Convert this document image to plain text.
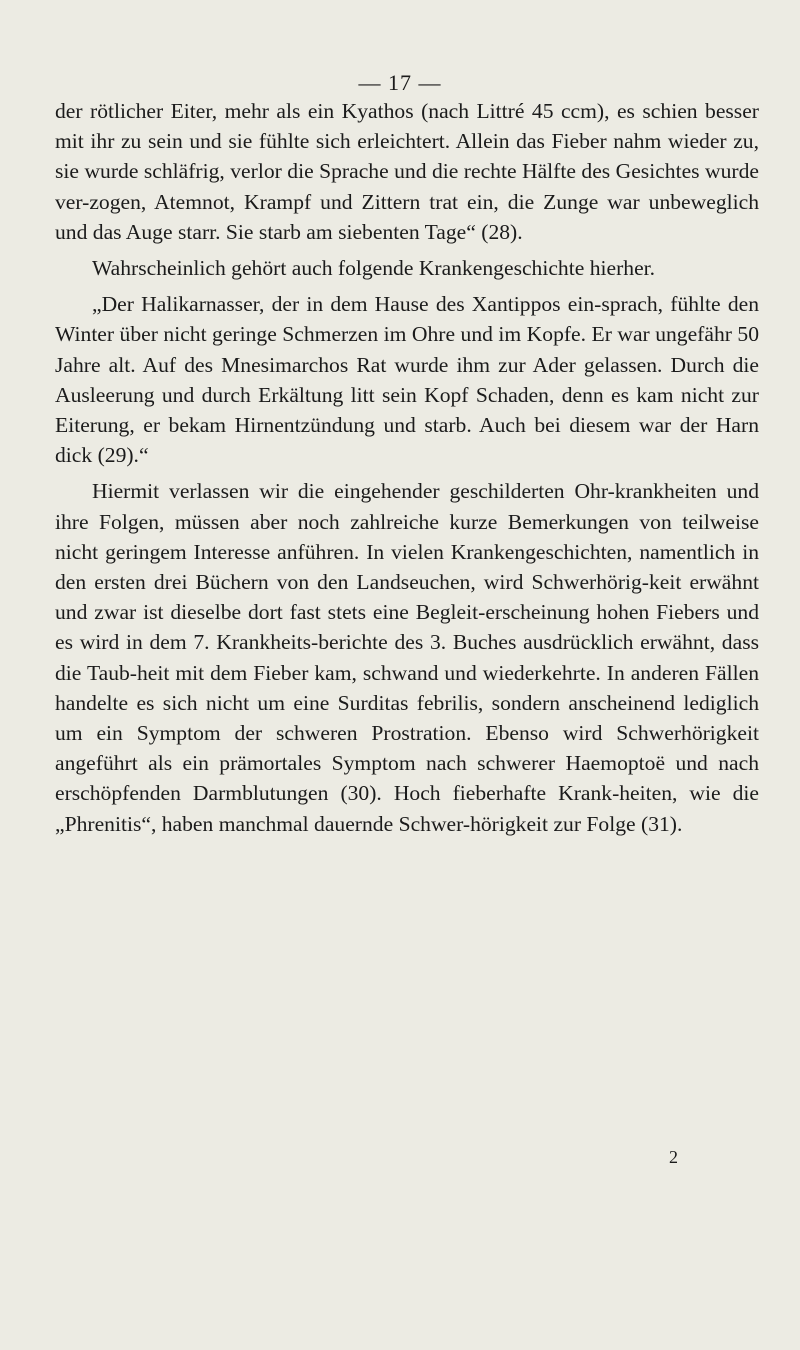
— 17 —

der rötlicher Eiter, mehr als ein Kyathos (nach Littré 45 ccm), es schien besser mit ihr zu sein und sie fühlte sich erleichtert. Allein das Fieber nahm wieder zu, sie wurde schläfrig, verlor die Sprache und die rechte Hälfte des Gesichtes wurde ver-zogen, Atemnot, Krampf und Zittern trat ein, die Zunge war unbeweglich und das Auge starr. Sie starb am siebenten Tage“ (28).

Wahrscheinlich gehört auch folgende Krankengeschichte hierher.

„Der Halikarnasser, der in dem Hause des Xantippos ein-sprach, fühlte den Winter über nicht geringe Schmerzen im Ohre und im Kopfe. Er war ungefähr 50 Jahre alt. Auf des Mnesimarchos Rat wurde ihm zur Ader gelassen. Durch die Ausleerung und durch Erkältung litt sein Kopf Schaden, denn es kam nicht zur Eiterung, er bekam Hirnentzündung und starb. Auch bei diesem war der Harn dick (29).“

Hiermit verlassen wir die eingehender geschilderten Ohr-krankheiten und ihre Folgen, müssen aber noch zahlreiche kurze Bemerkungen von teilweise nicht geringem Interesse anführen. In vielen Krankengeschichten, namentlich in den ersten drei Büchern von den Landseuchen, wird Schwerhörig-keit erwähnt und zwar ist dieselbe dort fast stets eine Begleit-erscheinung hohen Fiebers und es wird in dem 7. Krankheits-berichte des 3. Buches ausdrücklich erwähnt, dass die Taub-heit mit dem Fieber kam, schwand und wiederkehrte. In anderen Fällen handelte es sich nicht um eine Surditas febrilis, sondern anscheinend lediglich um ein Symptom der schweren Prostration. Ebenso wird Schwerhörigkeit angeführt als ein prämortales Symptom nach schwerer Haemoptoë und nach erschöpfenden Darmblutungen (30). Hoch fieberhafte Krank-heiten, wie die „Phrenitis“, haben manchmal dauernde Schwer-hörigkeit zur Folge (31).

2
